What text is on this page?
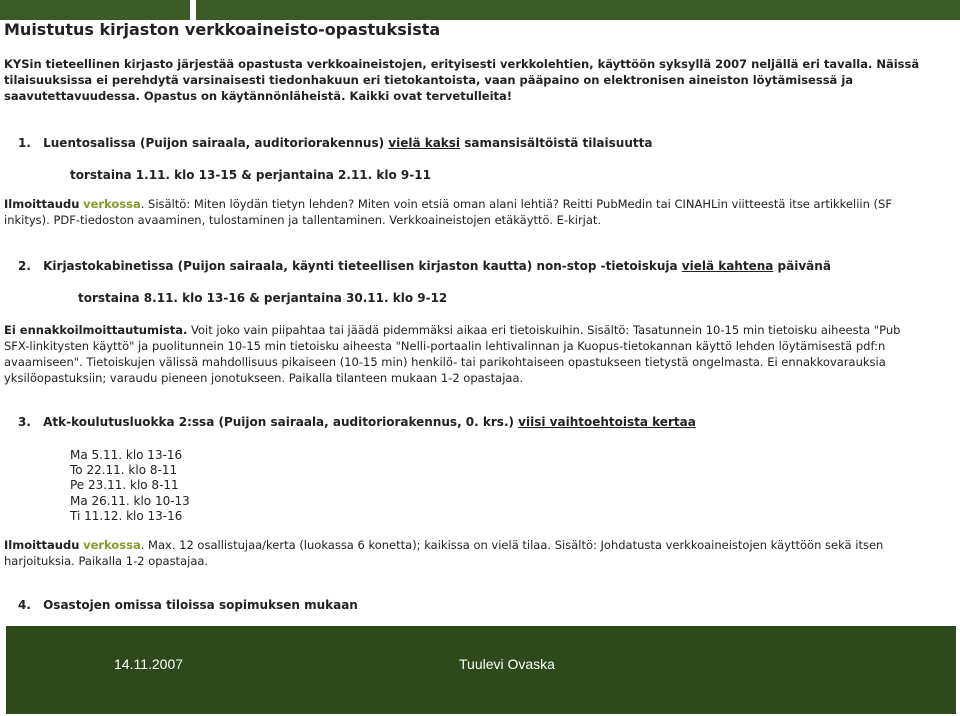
Muistutus kirjaston verkkoaineisto-opastuksista
KYSin tieteellinen kirjasto järjestää opastusta verkkoaineistojen, erityisesti verkkolehtien, käyttöön syksyllä 2007 neljällä eri tavalla. Näissä
tilaisuuksissa ei perehdytä varsinaisesti tiedonhakuun eri tietokantoista, vaan pääpaino on elektronisen aineiston löytämisessä ja
saavutettavuudessa. Opastus on käytännönläheistä. Kaikki ovat tervetulleita!
1. Luentosalissa (Puijon sairaala, auditoriorakennus) vielä kaksi samansisältöistä tilaisuutta
torstaina 1.11. klo 13-15 & perjantaina 2.11. klo 9-11
Ilmoittaudu verkossa. Sisältö: Miten löydän tietyn lehden? Miten voin etsiä oman alani lehtiä? Reitti PubMedin tai CINAHLin viitteestä itse artikkeliin (SF
inkitys). PDF-tiedoston avaaminen, tulostaminen ja tallentaminen. Verkkoaineistojen etäkäyttö. E-kirjat.
2. Kirjastokabinetissa (Puijon sairaala, käynti tieteellisen kirjaston kautta) non-stop -tietoiskuja vielä kahtena päivänä
torstaina 8.11. klo 13-16 & perjantaina 30.11. klo 9-12
Ei ennakkoilmoittautumista. Voit joko vain piipahtaa tai jäädä pidemmäksi aikaa eri tietoiskuihin. Sisältö: Tasatunnein 10-15 min tietoisku aiheesta "Pub
SFX-linkitysten käyttö" ja puolitunnein 10-15 min tietoisku aiheesta "Nelli-portaalin lehtivalinnan ja Kuopus-tietokannan käyttö lehden löytämisestä pdf:n
avaamiseen". Tietoiskujen välissä mahdollisuus pikaiseen (10-15 min) henkilö- tai parikohtaiseen opastukseen tietystä ongelmasta. Ei ennakkovarauksia
yksilöopastuksiin; varaudu pieneen jonotukseen. Paikalla tilanteen mukaan 1-2 opastajaa.
3. Atk-koulutusluokka 2:ssa (Puijon sairaala, auditoriorakennus, 0. krs.) viisi vaihtoehtoista kertaa
Ma 5.11. klo 13-16
To 22.11. klo 8-11
Pe 23.11. klo 8-11
Ma 26.11. klo 10-13
Ti 11.12. klo 13-16
Ilmoittaudu verkossa. Max. 12 osallistujaa/kerta (luokassa 6 konetta); kaikissa on vielä tilaa. Sisältö: Johdatusta verkkoaineistojen käyttöön sekä itsen
harjoituksia. Paikalla 1-2 opastajaa.
4. Osastojen omissa tiloissa sopimuksen mukaan
14.11.2007	Tuulevi Ovaska
